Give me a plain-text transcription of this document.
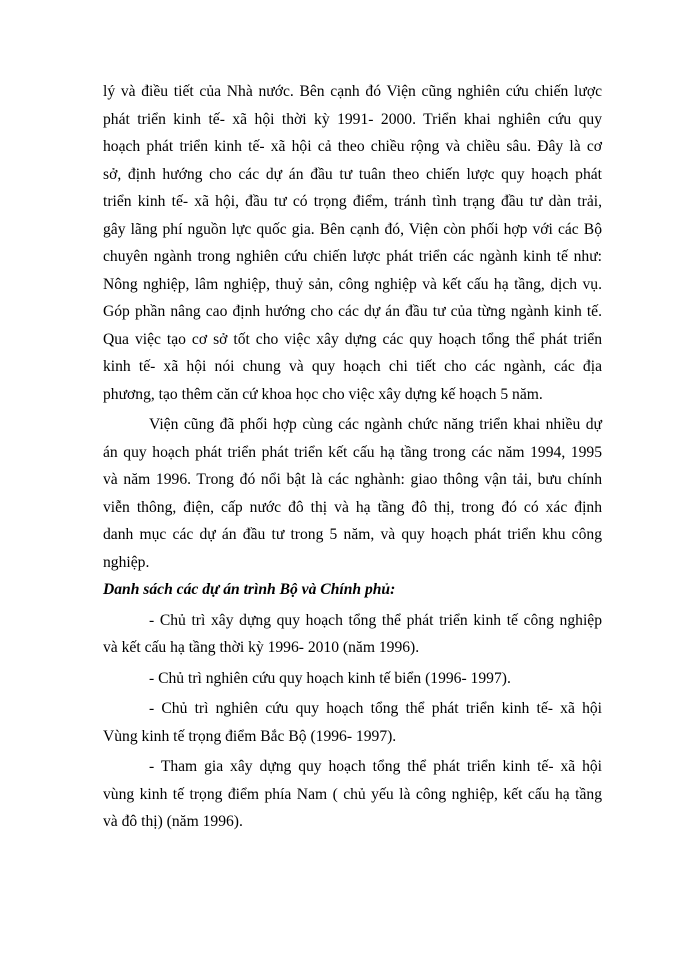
lý và điều tiết của Nhà nước. Bên cạnh đó Viện cũng nghiên cứu chiến lược
phát triển kinh tế- xã hội thời kỳ 1991- 2000. Triển khai nghiên cứu quy
hoạch phát triển kinh tế- xã hội cả theo chiều rộng và chiều sâu. Đây là cơ
sở, định hướng cho các dự án đầu tư tuân theo chiến lược quy hoạch phát
triển kinh tế- xã hội, đầu tư có trọng điểm, tránh tình trạng đầu tư dàn trải,
gây lãng phí nguồn lực quốc gia. Bên cạnh đó, Viện còn phối hợp với các Bộ
chuyên ngành trong nghiên cứu chiến lược phát triển các ngành kinh tế như:
Nông nghiệp, lâm nghiệp, thuỷ sản, công nghiệp và kết cấu hạ tầng, dịch vụ.
Góp phần nâng cao định hướng cho các dự án đầu tư của từng ngành kinh tế.
Qua việc tạo cơ sở tốt cho việc xây dựng các quy hoạch tổng thể phát triển
kinh tế- xã hội nói chung và quy hoạch chi tiết cho các ngành, các địa
phương, tạo thêm căn cứ khoa học cho việc xây dựng kế hoạch 5 năm.
Viện cũng đã phối hợp cùng các ngành chức năng triển khai nhiều dự
án quy hoạch phát triển phát triển kết cấu hạ tầng trong các năm 1994, 1995
và năm 1996. Trong đó nổi bật là các nghành: giao thông vận tải, bưu chính
viễn thông, điện, cấp nước đô thị và hạ tầng đô thị, trong đó có xác định
danh mục các dự án đầu tư trong 5 năm, và quy hoạch phát triển khu công
nghiệp.
Danh sách các dự án trình Bộ và Chính phủ:
- Chủ trì xây dựng quy hoạch tổng thể phát triển kinh tế công nghiệp
và kết cấu hạ tầng thời kỳ 1996- 2010 (năm 1996).
- Chủ trì nghiên cứu quy hoạch kinh tế biển (1996- 1997).
- Chủ trì nghiên cứu quy hoạch tổng thể phát triển kinh tế- xã hội
Vùng kinh tế trọng điểm Bắc Bộ (1996- 1997).
- Tham gia xây dựng quy hoạch tổng thể phát triển kinh tế- xã hội
vùng kinh tế trọng điểm phía Nam ( chủ yếu là công nghiệp, kết cấu hạ tầng
và đô thị) (năm 1996).
